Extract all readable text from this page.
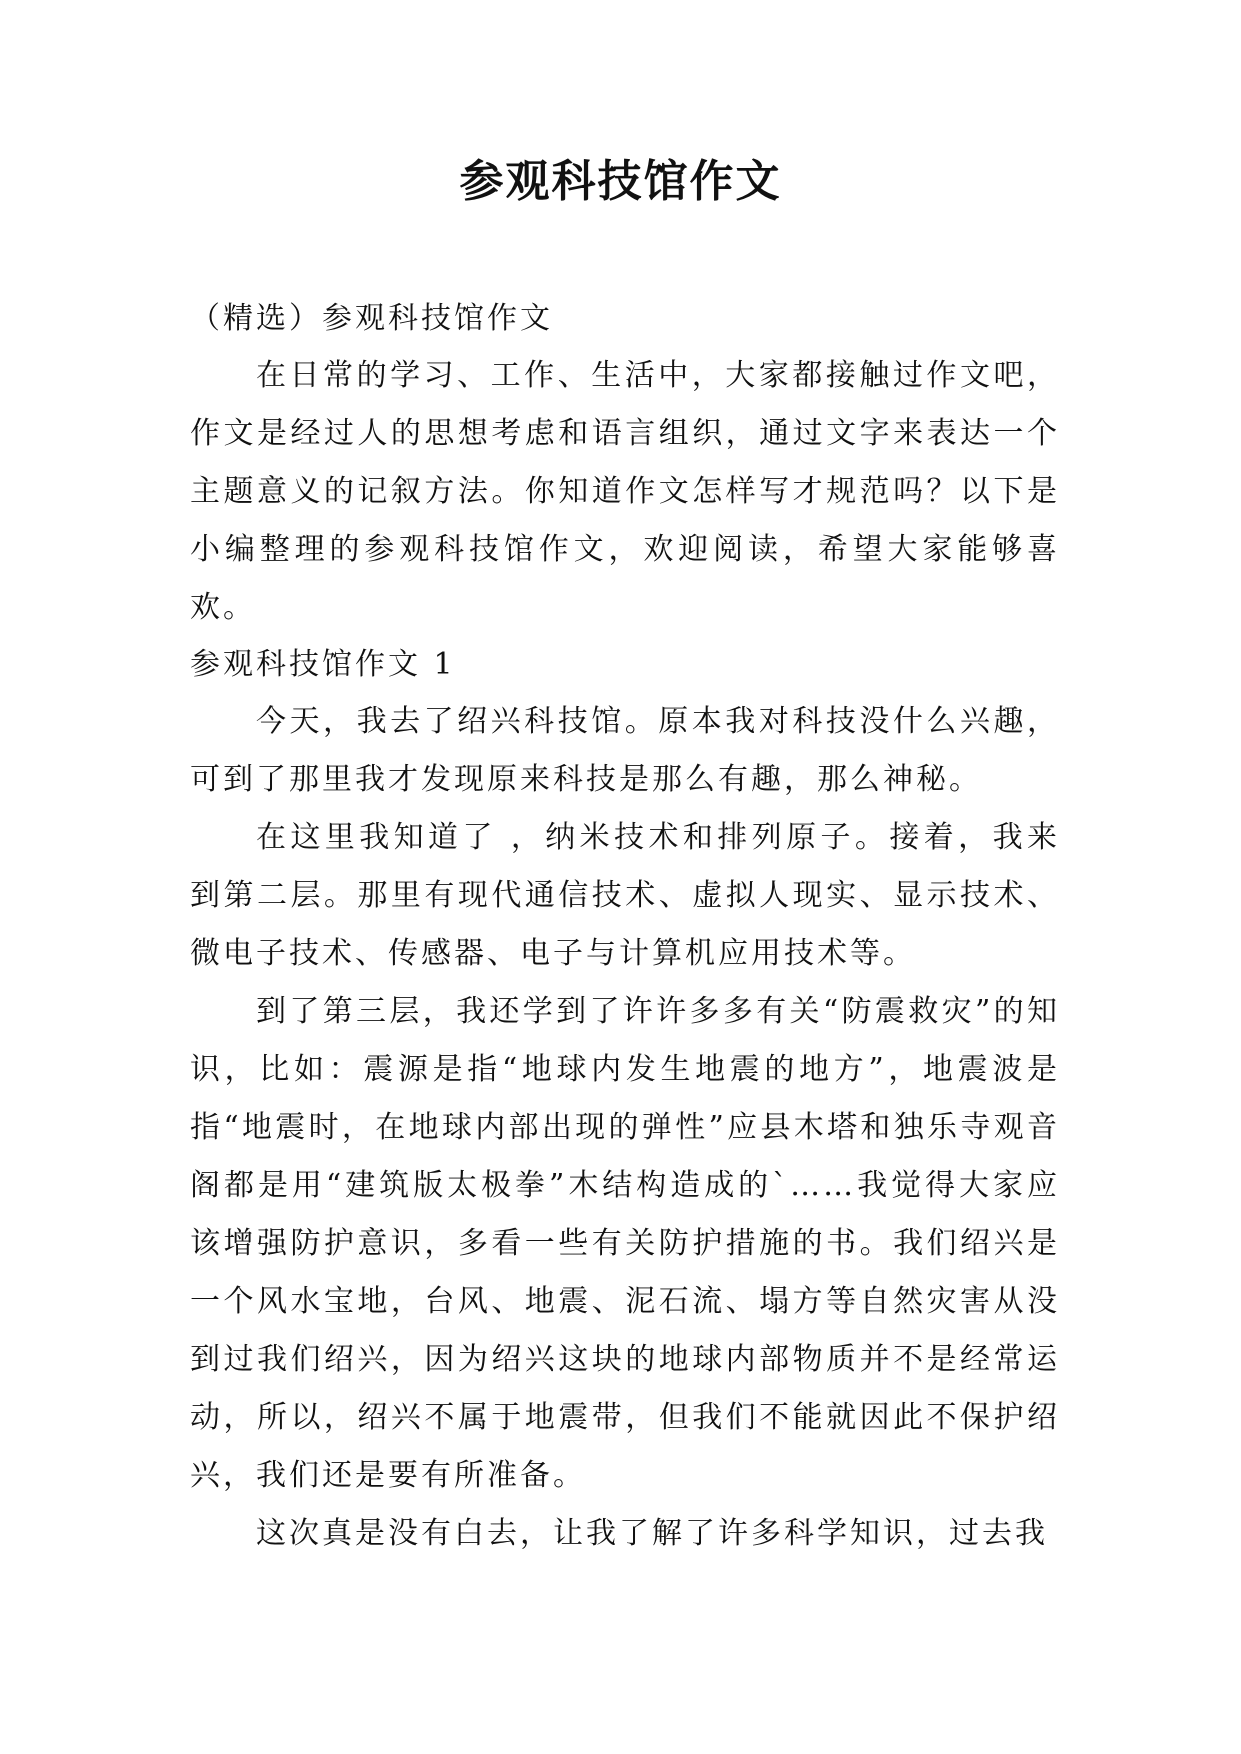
参观科技馆作文
（精选）参观科技馆作文

在日常的学习、工作、生活中，大家都接触过作文吧，作文是经过人的思想考虑和语言组织，通过文字来表达一个主题意义的记叙方法。你知道作文怎样写才规范吗？以下是小编整理的参观科技馆作文，欢迎阅读，希望大家能够喜欢。

参观科技馆作文 1

今天，我去了绍兴科技馆。原本我对科技没什么兴趣，可到了那里我才发现原来科技是那么有趣，那么神秘。

在这里我知道了 ，纳米技术和排列原子。接着，我来到第二层。那里有现代通信技术、虚拟人现实、显示技术、微电子技术、传感器、电子与计算机应用技术等。

到了第三层，我还学到了许许多多有关“防震救灾”的知识，比如：震源是指“地球内发生地震的地方”，地震波是指“地震时，在地球内部出现的弹性”应县木塔和独乐寺观音阁都是用“建筑版太极拳”木结构造成的`……我觉得大家应该增强防护意识，多看一些有关防护措施的书。我们绍兴是一个风水宝地，台风、地震、泥石流、塌方等自然灾害从没到过我们绍兴，因为绍兴这块的地球内部物质并不是经常运动，所以，绍兴不属于地震带，但我们不能就因此不保护绍兴，我们还是要有所准备。

这次真是没有白去，让我了解了许多科学知识，过去我
